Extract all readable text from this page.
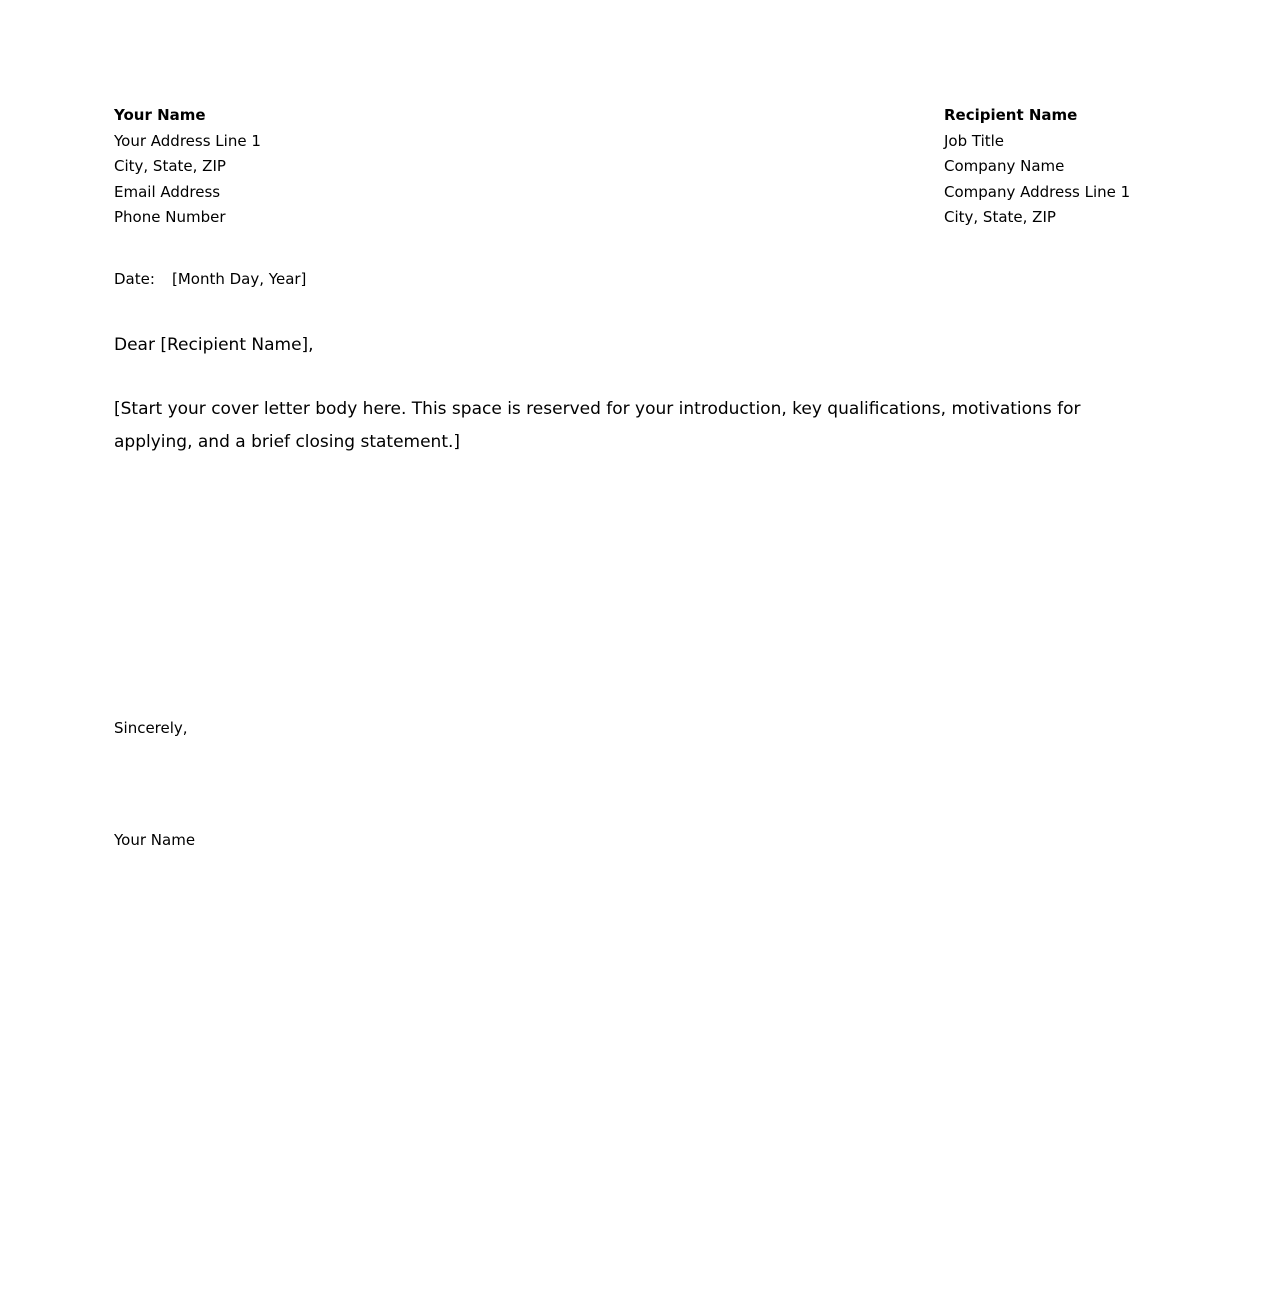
Your Name
Your Address Line 1
City, State, ZIP
Email Address
Phone Number
Recipient Name
Job Title
Company Name
Company Address Line 1
City, State, ZIP
Date: [Month Day, Year]
Dear [Recipient Name],
[Start your cover letter body here. This space is reserved for your introduction, key qualifications, motivations for applying, and a brief closing statement.]
Sincerely,
Your Name
